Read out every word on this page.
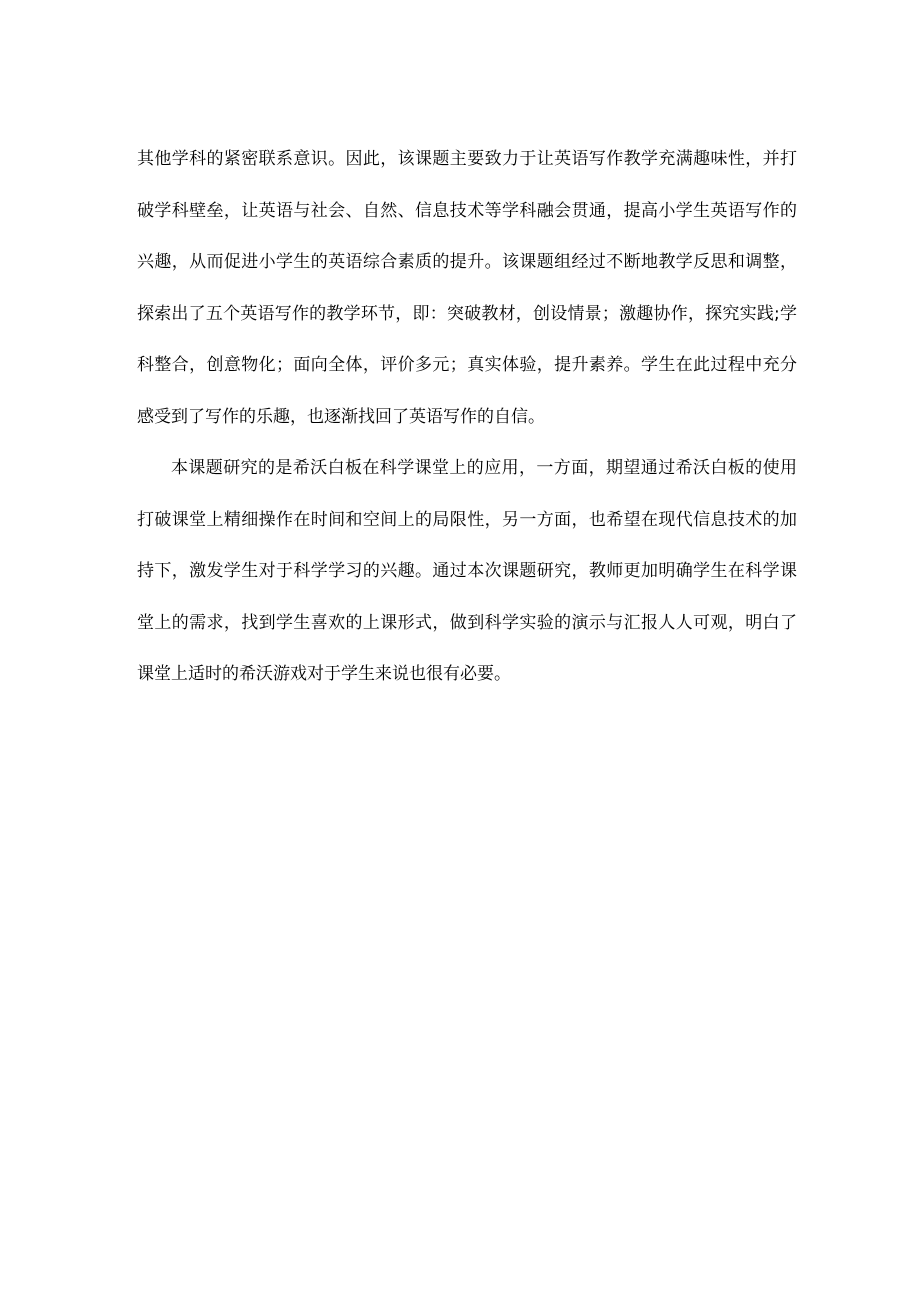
其他学科的紧密联系意识。因此，该课题主要致力于让英语写作教学充满趣味性，并打破学科壁垒，让英语与社会、自然、信息技术等学科融会贯通，提高小学生英语写作的兴趣，从而促进小学生的英语综合素质的提升。该课题组经过不断地教学反思和调整，探索出了五个英语写作的教学环节，即：突破教材，创设情景；激趣协作，探究实践;学科整合，创意物化；面向全体，评价多元；真实体验，提升素养。学生在此过程中充分感受到了写作的乐趣，也逐渐找回了英语写作的自信。

本课题研究的是希沃白板在科学课堂上的应用，一方面，期望通过希沃白板的使用打破课堂上精细操作在时间和空间上的局限性，另一方面，也希望在现代信息技术的加持下，激发学生对于科学学习的兴趣。通过本次课题研究，教师更加明确学生在科学课堂上的需求，找到学生喜欢的上课形式，做到科学实验的演示与汇报人人可观，明白了课堂上适时的希沃游戏对于学生来说也很有必要。
